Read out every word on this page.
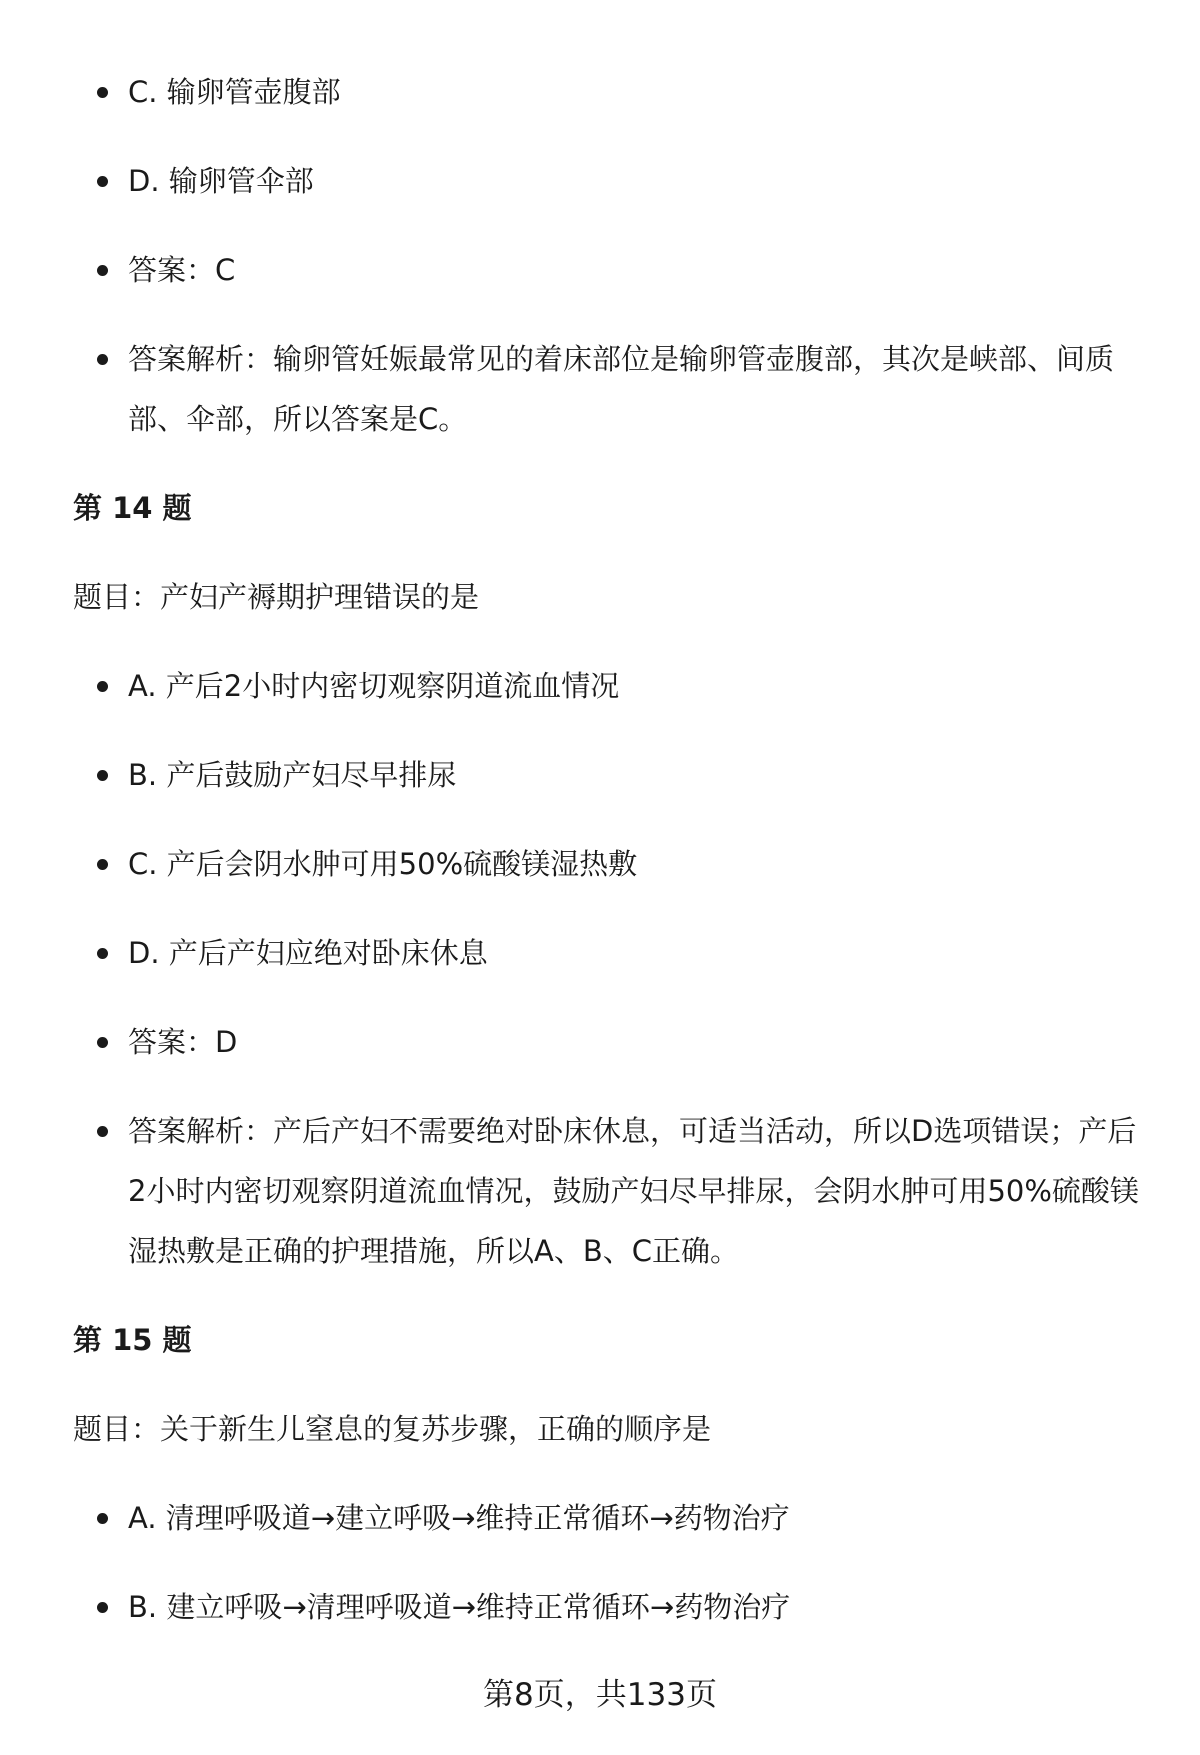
C. 输卵管壶腹部
D. 输卵管伞部
答案：C
答案解析：输卵管妊娠最常见的着床部位是输卵管壶腹部，其次是峡部、间质部、伞部，所以答案是C。
第 14 题
题目：产妇产褥期护理错误的是
A. 产后2小时内密切观察阴道流血情况
B. 产后鼓励产妇尽早排尿
C. 产后会阴水肿可用50%硫酸镁湿热敷
D. 产后产妇应绝对卧床休息
答案：D
答案解析：产后产妇不需要绝对卧床休息，可适当活动，所以D选项错误；产后2小时内密切观察阴道流血情况，鼓励产妇尽早排尿，会阴水肿可用50%硫酸镁湿热敷是正确的护理措施，所以A、B、C正确。
第 15 题
题目：关于新生儿窒息的复苏步骤，正确的顺序是
A. 清理呼吸道→建立呼吸→维持正常循环→药物治疗
B. 建立呼吸→清理呼吸道→维持正常循环→药物治疗
第8页，共133页
